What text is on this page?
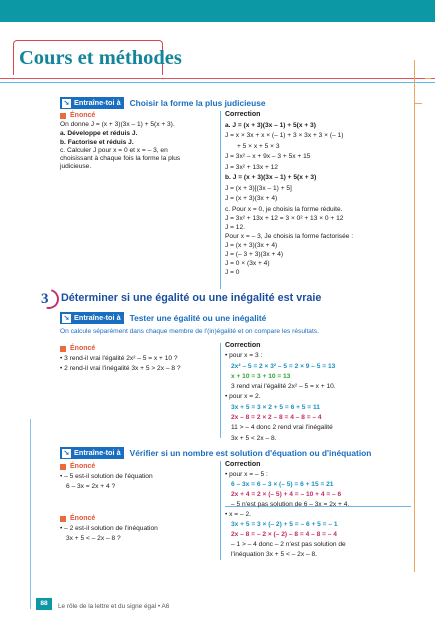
Cours et méthodes
➘ Entraîne-toi à	Choisir la forme la plus judicieuse
Énoncé
On donne J = (x + 3)(3x – 1) + 5(x + 3).
a. Développe et réduis J.
b. Factorise et réduis J.
c. Calculer J pour x = 0 et x = – 3, en
choisissant à chaque fois la forme la plus
judicieuse.
Correction
a. J = (x + 3)(3x – 1) + 5(x + 3)
J = x × 3x + x × (– 1) + 3 × 3x + 3 × (– 1)
+ 5 × x + 5 × 3
J = 3x² – x + 9x – 3 + 5x + 15
J = 3x² + 13x + 12
b. J = (x + 3)(3x – 1) + 5(x + 3)
J = (x + 3)[(3x – 1) + 5]
J = (x + 3)(3x + 4)
c. Pour x = 0, je choisis la forme réduite.
J = 3x² + 13x + 12 = 3 × 0² + 13 × 0 + 12
J = 12.
Pour x = – 3, Je choisis la forme factorisée :
J = (x + 3)(3x + 4)
J = (– 3 + 3)(3x + 4)
J = 0 × (3x + 4)
J = 0
3 Déterminer si une égalité ou une inégalité est vraie
➘ Entraîne-toi à	Tester une égalité ou une inégalité
On calcule séparément dans chaque membre de l'(in)égalité et on compare les résultats.
Énoncé
• 3 rend-il vrai l'égalité 2x² – 5 = x + 10 ?
• 2 rend-il vrai l'inégalité 3x + 5 > 2x – 8 ?
Correction
• pour x = 3 :
2x² – 5 = 2 × 3² – 5 = 2 × 9 – 5 = 13
x + 10 = 3 + 10 = 13
3 rend vrai l'égalité 2x² – 5 = x + 10.
• pour x = 2.
3x + 5 = 3 × 2 + 5 = 6 + 5 = 11
2x – 8 = 2 × 2 – 8 = 4 – 8 = – 4
11 > – 4 donc 2 rend vrai l'inégalité
3x + 5 < 2x – 8.
➘ Entraîne-toi à	Vérifier si un nombre est solution d'équation ou d'inéquation
Énoncé
• – 5 est-il solution de l'équation
6 – 3x = 2x + 4 ?
Énoncé
• – 2 est-il solution de l'inéquation
3x + 5 < – 2x – 8 ?
Correction
• pour x = – 5 :
6 – 3x = 6 – 3 × (– 5) = 6 + 15 = 21
2x + 4 = 2 × (– 5) + 4 = – 10 + 4 = – 6
– 5 n'est pas solution de 6 – 3x = 2x + 4.
• x = – 2.
3x + 5 = 3 × (– 2) + 5 = – 6 + 5 = – 1
2x – 8 = – 2 × (– 2) – 8 = 4 – 8 = – 4
– 1 > – 4 donc – 2 n'est pas solution de
l'inéquation 3x + 5 < – 2x – 8.
88	Le rôle de la lettre et du signe égal • A6
